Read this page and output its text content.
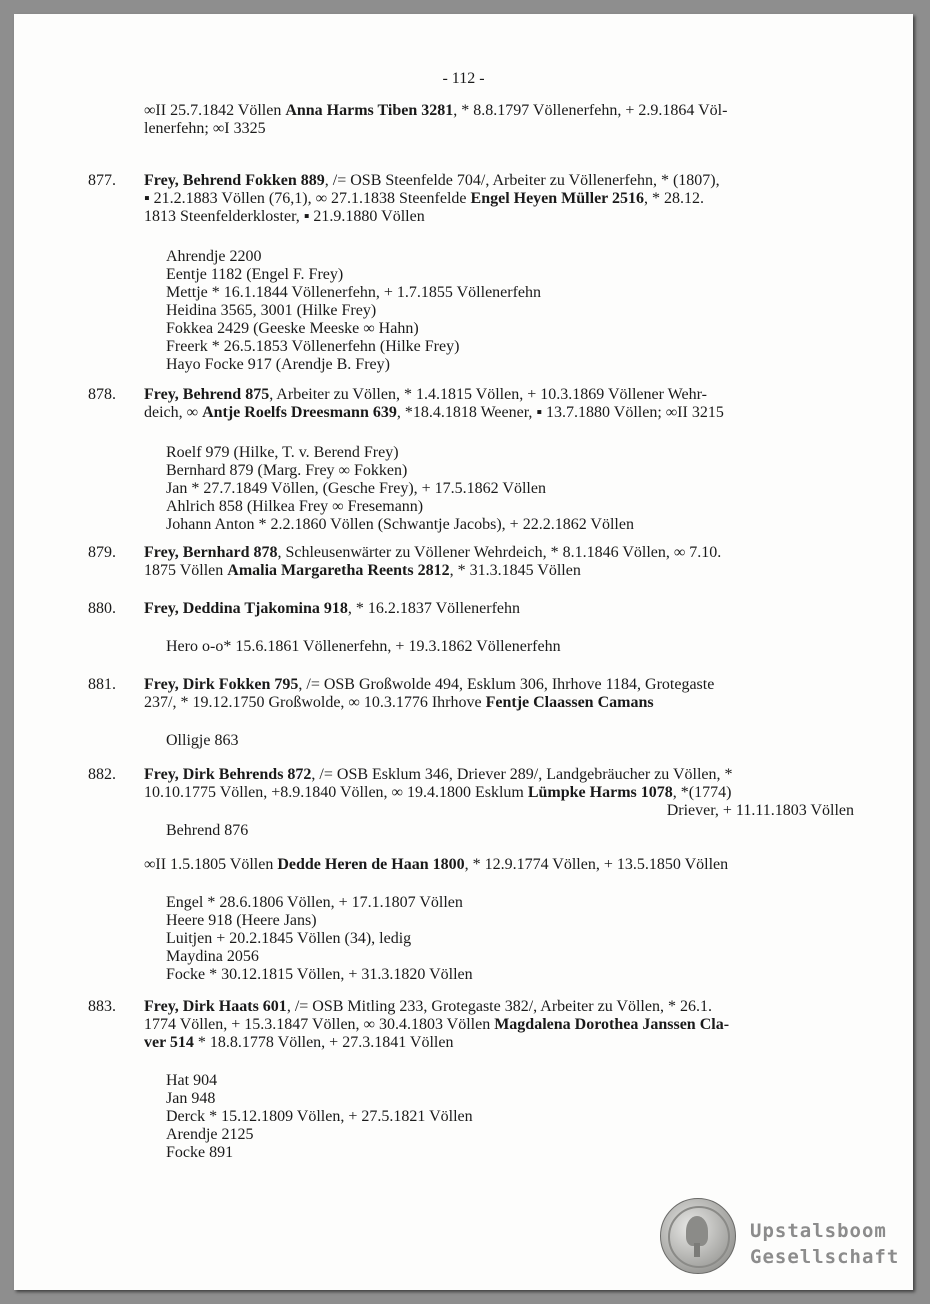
- 112 -
∞II 25.7.1842 Völlen Anna Harms Tiben 3281, * 8.8.1797 Völlenerfehn, + 2.9.1864 Völ-
lenerfehn; ∞I 3325
877.	Frey, Behrend Fokken 889, /= OSB Steenfelde 704/, Arbeiter zu Völlenerfehn, * (1807),
▪ 21.2.1883 Völlen (76,1), ∞ 27.1.1838 Steenfelde Engel Heyen Müller 2516, * 28.12.
1813 Steenfelderkloster, ▪ 21.9.1880 Völlen
Ahrendje 2200
Eentje 1182 (Engel F. Frey)
Mettje * 16.1.1844 Völlenerfehn, + 1.7.1855 Völlenerfehn
Heidina 3565, 3001 (Hilke Frey)
Fokkea 2429 (Geeske Meeske ∞ Hahn)
Freerk * 26.5.1853 Völlenerfehn (Hilke Frey)
Hayo Focke 917 (Arendje B. Frey)
878.	Frey, Behrend 875, Arbeiter zu Völlen, * 1.4.1815 Völlen, + 10.3.1869 Völlener Wehr-
deich, ∞ Antje Roelfs Dreesmann 639, *18.4.1818 Weener, ▪ 13.7.1880 Völlen; ∞II 3215
Roelf 979 (Hilke, T. v. Berend Frey)
Bernhard 879 (Marg. Frey ∞ Fokken)
Jan * 27.7.1849 Völlen, (Gesche Frey), + 17.5.1862 Völlen
Ahlrich 858 (Hilkea Frey ∞ Fresemann)
Johann Anton * 2.2.1860 Völlen (Schwantje Jacobs), + 22.2.1862 Völlen
879.	Frey, Bernhard 878, Schleusenwärter zu Völlener Wehrdeich, * 8.1.1846 Völlen, ∞ 7.10.
1875 Völlen Amalia Margaretha Reents 2812, * 31.3.1845 Völlen
880.	Frey, Deddina Tjakomina 918, * 16.2.1837 Völlenerfehn
Hero o-o* 15.6.1861 Völlenerfehn, + 19.3.1862 Völlenerfehn
881.	Frey, Dirk Fokken 795, /= OSB Großwolde 494, Esklum 306, Ihrhove 1184, Grotegaste
237/, * 19.12.1750 Großwolde, ∞ 10.3.1776 Ihrhove Fentje Claassen Camans
Olligje 863
882.	Frey, Dirk Behrends 872, /= OSB Esklum 346, Driever 289/, Landgebräucher zu Völlen, *
10.10.1775 Völlen, +8.9.1840 Völlen, ∞ 19.4.1800 Esklum Lümpke Harms 1078, *(1774)
Driever, + 11.11.1803 Völlen
Behrend 876
∞II 1.5.1805 Völlen Dedde Heren de Haan 1800, * 12.9.1774 Völlen, + 13.5.1850 Völlen
Engel * 28.6.1806 Völlen, + 17.1.1807 Völlen
Heere 918 (Heere Jans)
Luitjen + 20.2.1845 Völlen (34), ledig
Maydina 2056
Focke * 30.12.1815 Völlen, + 31.3.1820 Völlen
883.	Frey, Dirk Haats 601, /= OSB Mitling 233, Grotegaste 382/, Arbeiter zu Völlen, * 26.1.
1774 Völlen, + 15.3.1847 Völlen, ∞ 30.4.1803 Völlen Magdalena Dorothea Janssen Cla-
ver 514 * 18.8.1778 Völlen, + 27.3.1841 Völlen
Hat 904
Jan 948
Derck * 15.12.1809 Völlen, + 27.5.1821 Völlen
Arendje 2125
Focke 891
Upstalsboom
Gesellschaft
